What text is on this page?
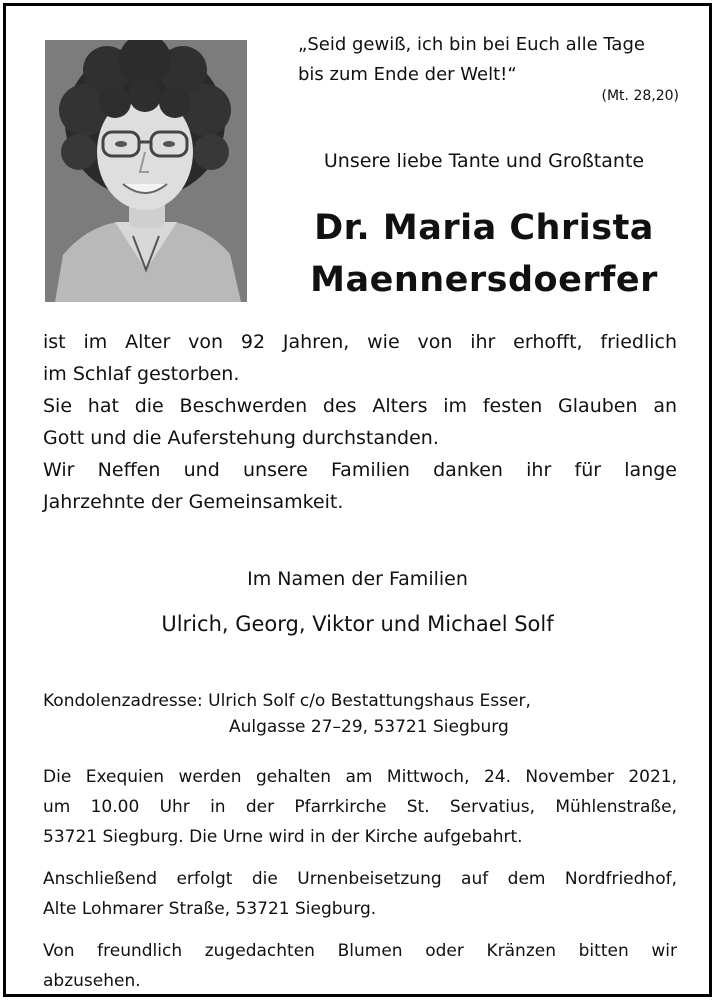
„Seid gewiß, ich bin bei Euch alle Tage
bis zum Ende der Welt!“
(Mt. 28,20)
Unsere liebe Tante und Großtante
Dr. Maria Christa
Maennersdoerfer

ist im Alter von 92 Jahren, wie von ihr erhofft, friedlich

im Schlaf gestorben.

Sie hat die Beschwerden des Alters im festen Glauben an

Gott und die Auferstehung durchstanden.

Wir Neffen und unsere Familien danken ihr für lange

Jahrzehnte der Gemeinsamkeit.

Im Namen der Familien
Ulrich, Georg, Viktor und Michael Solf
Kondolenzadresse: Ulrich Solf c/o Bestattungshaus Esser,
Aulgasse 27–29, 53721 Siegburg

Die Exequien werden gehalten am Mittwoch, 24. November 2021,

um 10.00 Uhr in der Pfarrkirche St. Servatius, Mühlenstraße,

53721 Siegburg. Die Urne wird in der Kirche aufgebahrt.

Anschließend erfolgt die Urnenbeisetzung auf dem Nordfriedhof,

Alte Lohmarer Straße, 53721 Siegburg.

Von freundlich zugedachten Blumen oder Kränzen bitten wir

abzusehen.
